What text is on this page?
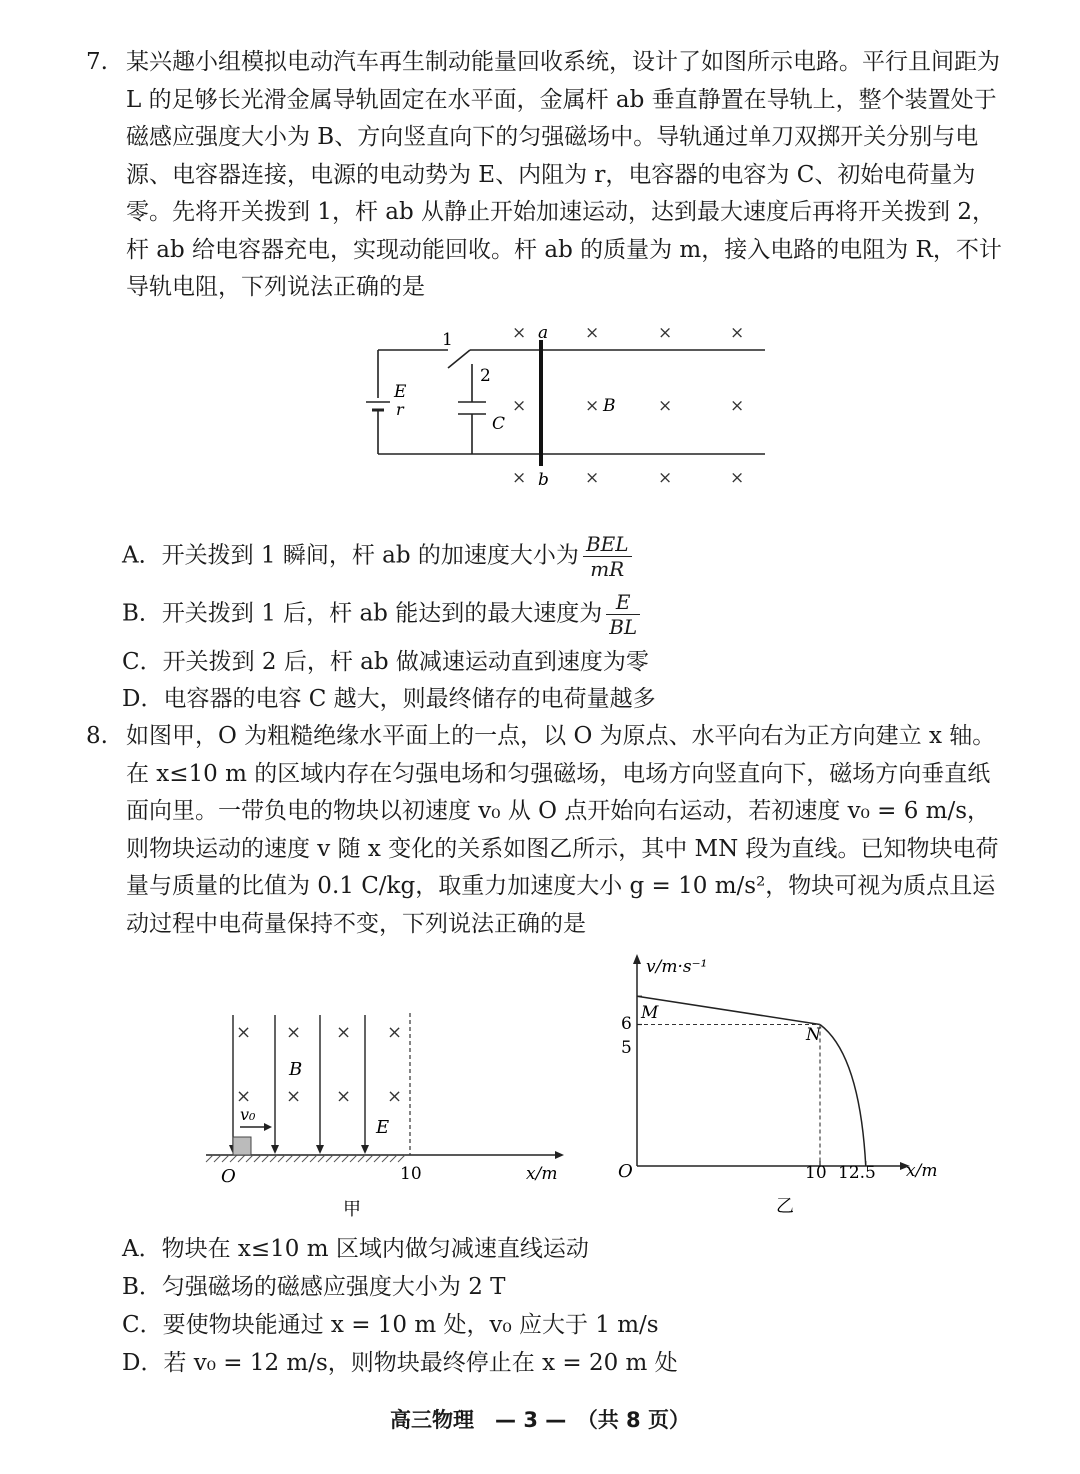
7. 某兴趣小组模拟电动汽车再生制动能量回收系统，设计了如图所示电路。平行且间距为 L 的足够长光滑金属导轨固定在水平面，金属杆 ab 垂直静置在导轨上，整个装置处于磁感应强度大小为 B、方向竖直向下的匀强磁场中。导轨通过单刀双掷开关分别与电源、电容器连接，电源的电动势为 E、内阻为 r，电容器的电容为 C、初始电荷量为零。先将开关拨到 1，杆 ab 从静止开始加速运动，达到最大速度后再将开关拨到 2，杆 ab 给电容器充电，实现动能回收。杆 ab 的质量为 m，接入电路的电阻为 R，不计导轨电阻，下列说法正确的是
1
2
E
r
C
a
b
×	×	×	×
×	×	×	×
×	×	×	×
B
A．开关拨到 1 瞬间，杆 ab 的加速度大小为 $\frac{\text{BEL}}{mR}$
B．开关拨到 1 后，杆 ab 能达到的最大速度为 $\frac{E}{BL}$
C．开关拨到 2 后，杆 ab 做减速运动直到速度为零
D．电容器的电容 C 越大，则最终储存的电荷量越多
8. 如图甲，O 为粗糙绝缘水平面上的一点，以 O 为原点、水平向右为正方向建立 x 轴。在 x≤10 m 的区域内存在匀强电场和匀强磁场，电场方向竖直向下，磁场方向垂直纸面向里。一带负电的物块以初速度 v₀ 从 O 点开始向右运动，若初速度 v₀ = 6 m/s，则物块运动的速度 v 随 x 变化的关系如图乙所示，其中 MN 段为直线。已知物块电荷量与质量的比值为 0.1 C/kg，取重力加速度大小 g = 10 m/s²，物块可视为质点且运动过程中电荷量保持不变，下列说法正确的是
× × × ×
× × × ×
B
E
v₀
O	10	x/m
甲
v/m·s⁻¹
x/m
O
6
5
10 12.5
M
N
乙
A．物块在 x≤10 m 区域内做匀减速直线运动
B．匀强磁场的磁感应强度大小为 2 T
C．要使物块能通过 x = 10 m 处，v₀ 应大于 1 m/s
D．若 v₀ = 12 m/s，则物块最终停止在 x = 20 m 处
高三物理　— 3 —　（共 8 页）
